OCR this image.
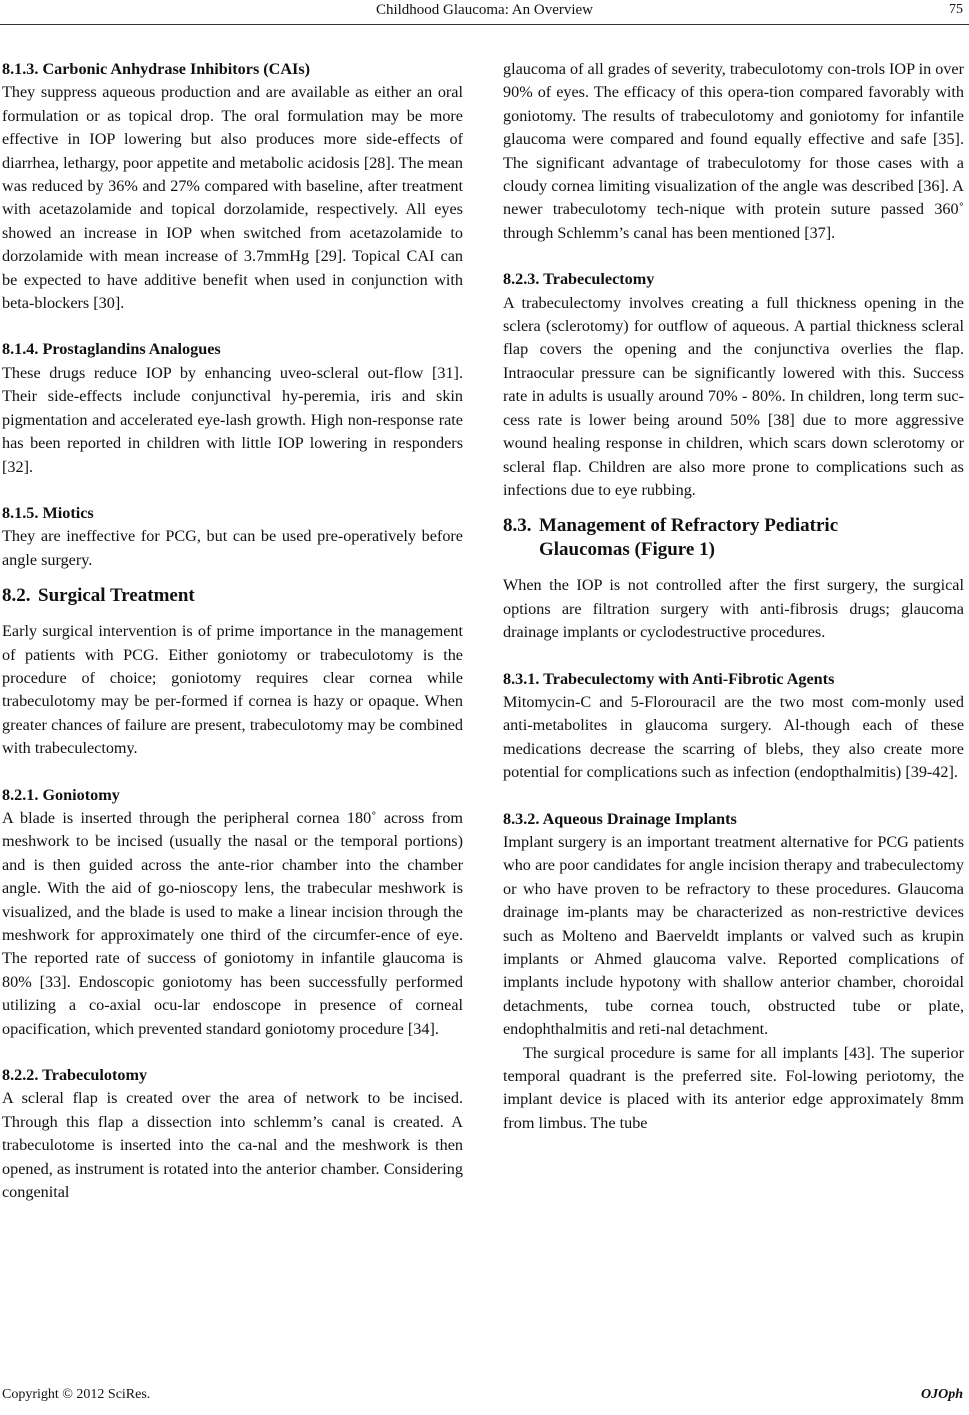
Childhood Glaucoma: An Overview	75
8.1.3. Carbonic Anhydrase Inhibitors (CAIs)
They suppress aqueous production and are available as either an oral formulation or as topical drop. The oral formulation may be more effective in IOP lowering but also produces more side-effects of diarrhea, lethargy, poor appetite and metabolic acidosis [28]. The mean was reduced by 36% and 27% compared with baseline, after treatment with acetazolamide and topical dorzolamide, respectively. All eyes showed an increase in IOP when switched from acetazolamide to dorzolamide with mean increase of 3.7mmHg [29]. Topical CAI can be expected to have additive benefit when used in conjunction with beta-blockers [30].
8.1.4. Prostaglandins Analogues
These drugs reduce IOP by enhancing uveo-scleral out-flow [31]. Their side-effects include conjunctival hy-peremia, iris and skin pigmentation and accelerated eye-lash growth. High non-response rate has been reported in children with little IOP lowering in responders [32].
8.1.5. Miotics
They are ineffective for PCG, but can be used pre-operatively before angle surgery.
8.2. Surgical Treatment
Early surgical intervention is of prime importance in the management of patients with PCG. Either goniotomy or trabeculotomy is the procedure of choice; goniotomy requires clear cornea while trabeculotomy may be per-formed if cornea is hazy or opaque. When greater chances of failure are present, trabeculotomy may be combined with trabeculectomy.
8.2.1. Goniotomy
A blade is inserted through the peripheral cornea 180˚ across from meshwork to be incised (usually the nasal or the temporal portions) and is then guided across the ante-rior chamber into the chamber angle. With the aid of go-nioscopy lens, the trabecular meshwork is visualized, and the blade is used to make a linear incision through the meshwork for approximately one third of the circumfer-ence of eye. The reported rate of success of goniotomy in infantile glaucoma is 80% [33]. Endoscopic goniotomy has been successfully performed utilizing a co-axial ocu-lar endoscope in presence of corneal opacification, which prevented standard goniotomy procedure [34].
8.2.2. Trabeculotomy
A scleral flap is created over the area of network to be incised. Through this flap a dissection into schlemm’s canal is created. A trabeculotome is inserted into the ca-nal and the meshwork is then opened, as instrument is rotated into the anterior chamber. Considering congenital
glaucoma of all grades of severity, trabeculotomy con-trols IOP in over 90% of eyes. The efficacy of this opera-tion compared favorably with goniotomy. The results of trabeculotomy and goniotomy for infantile glaucoma were compared and found equally effective and safe [35]. The significant advantage of trabeculotomy for those cases with a cloudy cornea limiting visualization of the angle was described [36]. A newer trabeculotomy tech-nique with protein suture passed 360˚ through Schlemm’s canal has been mentioned [37].
8.2.3. Trabeculectomy
A trabeculectomy involves creating a full thickness opening in the sclera (sclerotomy) for outflow of aqueous. A partial thickness scleral flap covers the opening and the conjunctiva overlies the flap. Intraocular pressure can be significantly lowered with this. Success rate in adults is usually around 70% - 80%. In children, long term suc-cess rate is lower being around 50% [38] due to more aggressive wound healing response in children, which scars down sclerotomy or scleral flap. Children are also more prone to complications such as infections due to eye rubbing.
8.3. Management of Refractory Pediatric
Glaucomas (Figure 1)
When the IOP is not controlled after the first surgery, the surgical options are filtration surgery with anti-fibrosis drugs; glaucoma drainage implants or cyclodestructive procedures.
8.3.1. Trabeculectomy with Anti-Fibrotic Agents
Mitomycin-C and 5-Florouracil are the two most com-monly used anti-metabolites in glaucoma surgery. Al-though each of these medications decrease the scarring of blebs, they also create more potential for complications such as infection (endopthalmitis) [39-42].
8.3.2. Aqueous Drainage Implants
Implant surgery is an important treatment alternative for PCG patients who are poor candidates for angle incision therapy and trabeculectomy or who have proven to be refractory to these procedures. Glaucoma drainage im-plants may be characterized as non-restrictive devices such as Molteno and Baerveldt implants or valved such as krupin implants or Ahmed glaucoma valve. Reported complications of implants include hypotony with shallow anterior chamber, choroidal detachments, tube cornea touch, obstructed tube or plate, endophthalmitis and reti-nal detachment.
The surgical procedure is same for all implants [43]. The superior temporal quadrant is the preferred site. Fol-lowing periotomy, the implant device is placed with its anterior edge approximately 8mm from limbus. The tube
Copyright © 2012 SciRes.	OJOph
